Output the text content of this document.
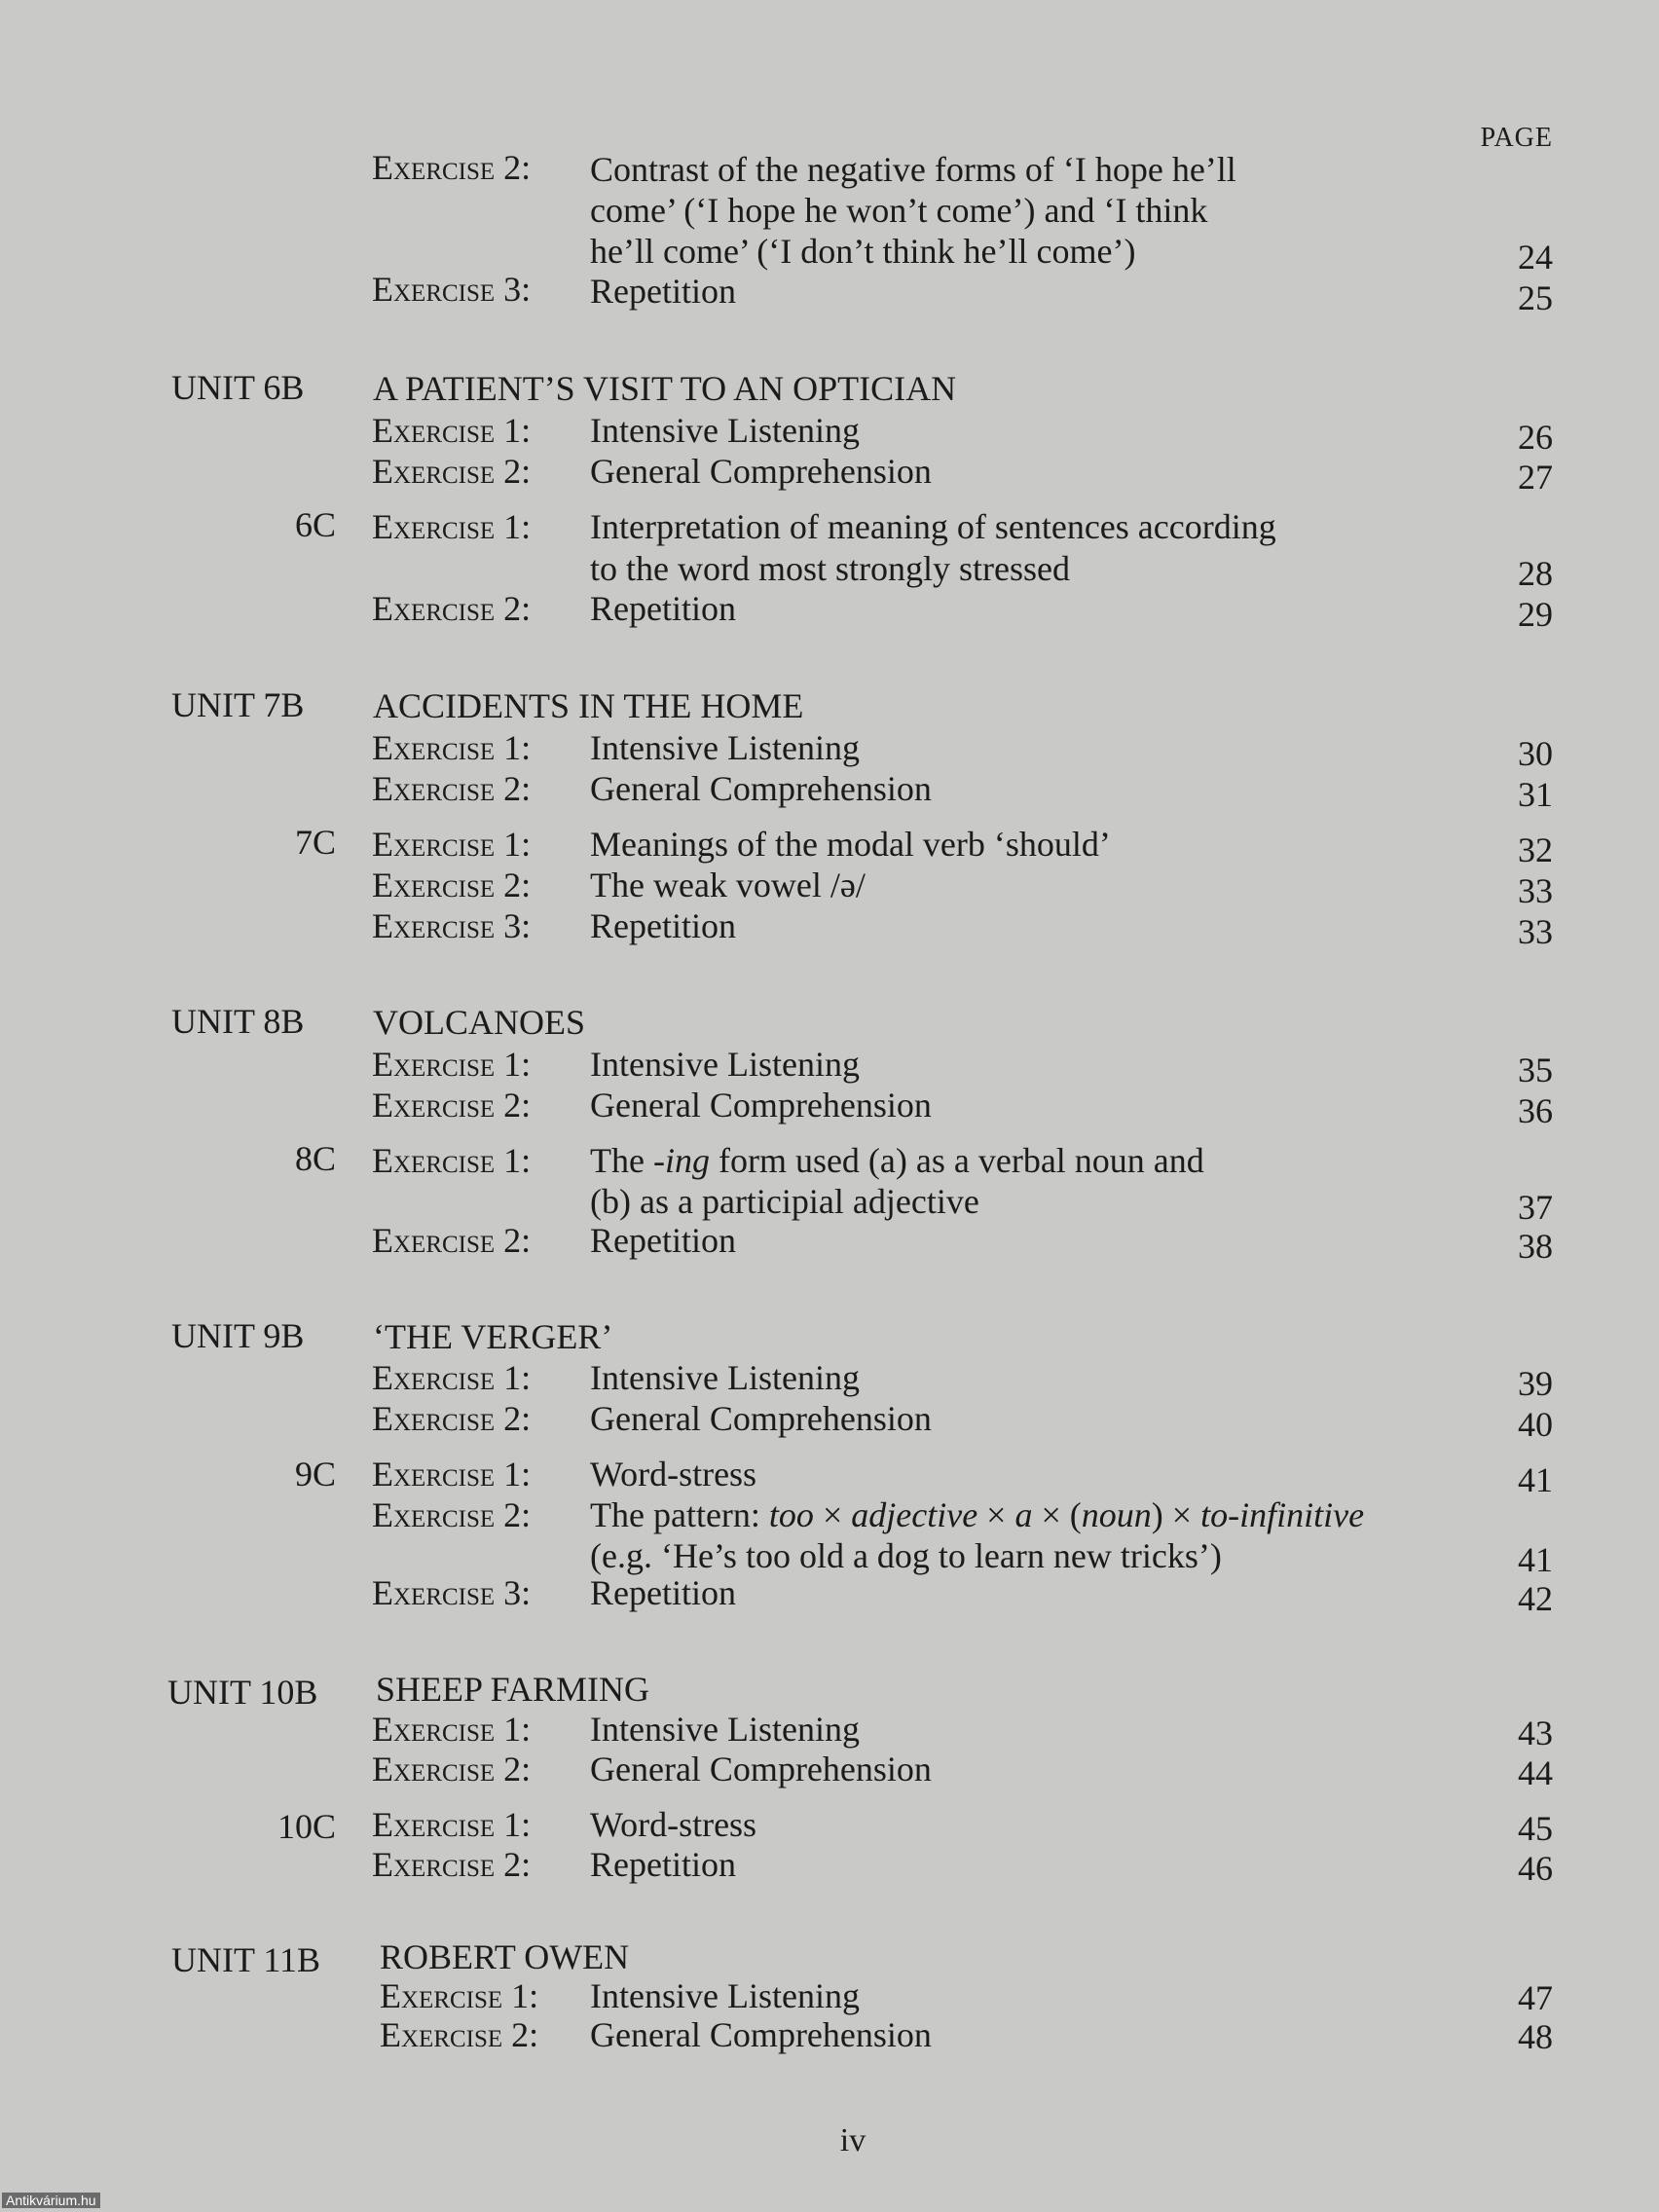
PAGE
Exercise 2: Contrast of the negative forms of ‘I hope he’ll
come’ (‘I hope he won’t come’) and ‘I think
he’ll come’ (‘I don’t think he’ll come’)	24
Exercise 3: Repetition	25
UNIT 6B A PATIENT’S VISIT TO AN OPTICIAN
Exercise 1: Intensive Listening	26
Exercise 2: General Comprehension	27
6C Exercise 1: Interpretation of meaning of sentences according
to the word most strongly stressed	28
Exercise 2: Repetition	29
UNIT 7B ACCIDENTS IN THE HOME
Exercise 1: Intensive Listening	30
Exercise 2: General Comprehension	31
7C Exercise 1: Meanings of the modal verb ‘should’	32
Exercise 2: The weak vowel /ə/	33
Exercise 3: Repetition	33
UNIT 8B VOLCANOES
Exercise 1: Intensive Listening	35
Exercise 2: General Comprehension	36
8C Exercise 1: The -ing form used (a) as a verbal noun and
(b) as a participial adjective	37
Exercise 2: Repetition	38
UNIT 9B ‘THE VERGER’
Exercise 1: Intensive Listening	39
Exercise 2: General Comprehension	40
9C Exercise 1: Word-stress	41
Exercise 2: The pattern: too × adjective × a × (noun) × to-infinitive
(e.g. ‘He’s too old a dog to learn new tricks’)	41
Exercise 3: Repetition	42
UNIT 10B SHEEP FARMING
Exercise 1: Intensive Listening	43
Exercise 2: General Comprehension	44
10C Exercise 1: Word-stress	45
Exercise 2: Repetition	46
UNIT 11B ROBERT OWEN
Exercise 1: Intensive Listening	47
Exercise 2: General Comprehension	48
iv
Antikvárium.hu
